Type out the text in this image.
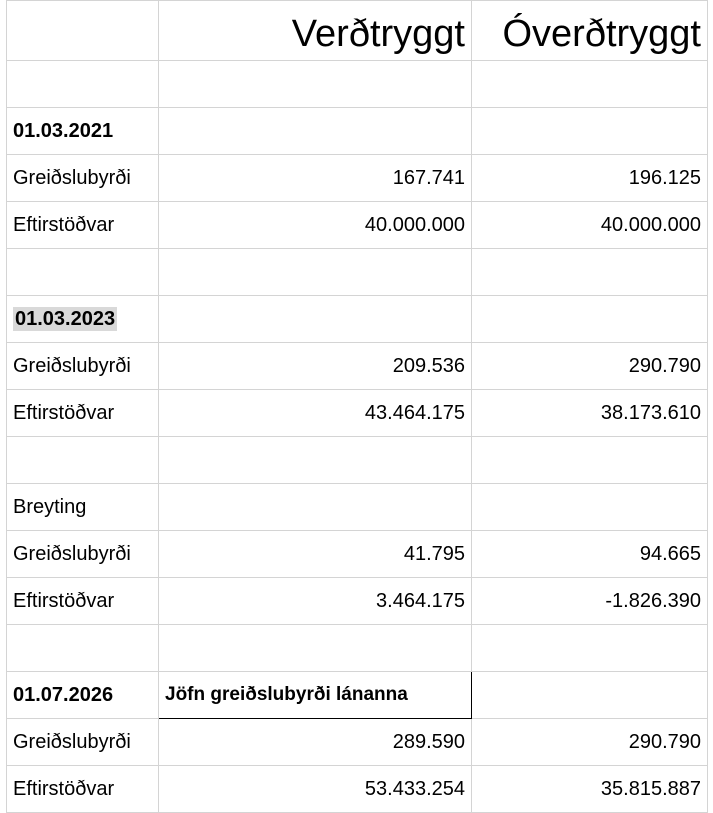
	Verðtryggt	Óverðtryggt

01.03.2021		
Greiðslubyrði	167.741	196.125
Eftirstöðvar	40.000.000	40.000.000

01.03.2023		
Greiðslubyrði	209.536	290.790
Eftirstöðvar	43.464.175	38.173.610

Breyting		
Greiðslubyrði	41.795	94.665
Eftirstöðvar	3.464.175	-1.826.390

01.07.2026	Jöfn greiðslubyrði lánanna	
Greiðslubyrði	289.590	290.790
Eftirstöðvar	53.433.254	35.815.887
